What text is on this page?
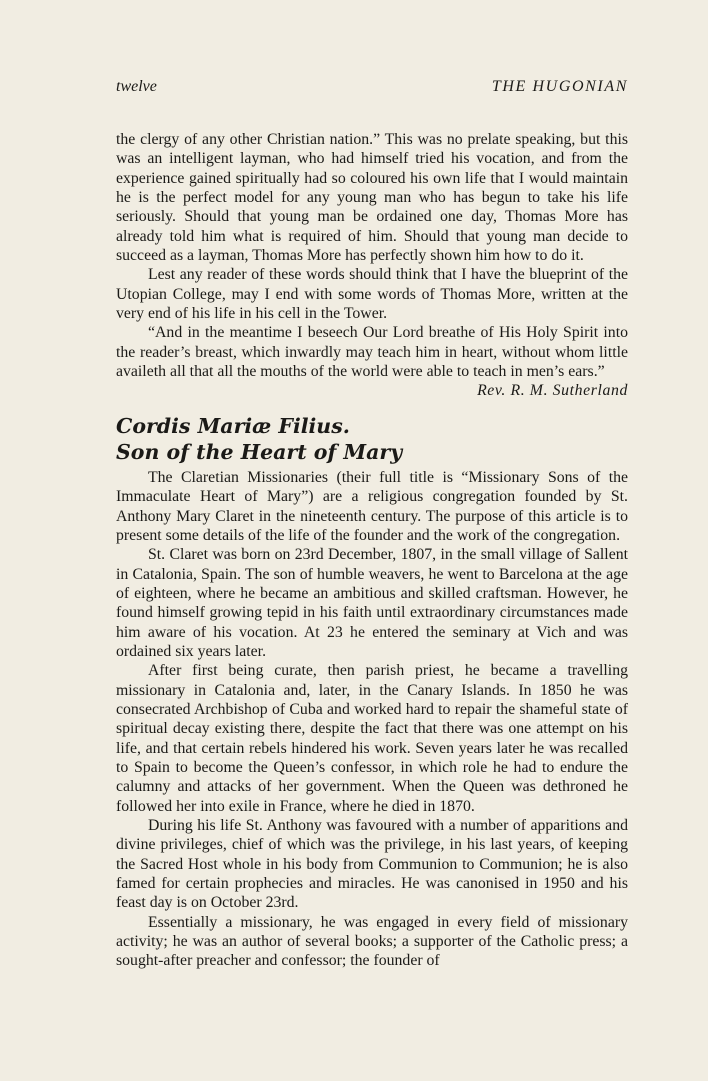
twelve	THE HUGONIAN

the clergy of any other Christian nation.” This was no prelate speaking, but this was an intelligent layman, who had himself tried his vocation, and from the experience gained spiritually had so coloured his own life that I would maintain he is the perfect model for any young man who has begun to take his life seriously. Should that young man be ordained one day, Thomas More has already told him what is required of him. Should that young man decide to succeed as a layman, Thomas More has perfectly shown him how to do it.

Lest any reader of these words should think that I have the blueprint of the Utopian College, may I end with some words of Thomas More, written at the very end of his life in his cell in the Tower.

“And in the meantime I beseech Our Lord breathe of His Holy Spirit into the reader’s breast, which inwardly may teach him in heart, without whom little availeth all that all the mouths of the world were able to teach in men’s ears.”

Rev. R. M. Sutherland
Cordis Mariæ Filius.
Son of the Heart of Mary

The Claretian Missionaries (their full title is “Missionary Sons of the Immaculate Heart of Mary”) are a religious congregation founded by St. Anthony Mary Claret in the nineteenth century. The purpose of this article is to present some details of the life of the founder and the work of the congregation.

St. Claret was born on 23rd December, 1807, in the small village of Sallent in Catalonia, Spain. The son of humble weavers, he went to Barcelona at the age of eighteen, where he became an ambitious and skilled craftsman. However, he found himself growing tepid in his faith until extraordinary circumstances made him aware of his vocation. At 23 he entered the seminary at Vich and was ordained six years later.

After first being curate, then parish priest, he became a travelling missionary in Catalonia and, later, in the Canary Islands. In 1850 he was consecrated Archbishop of Cuba and worked hard to repair the shameful state of spiritual decay existing there, despite the fact that there was one attempt on his life, and that certain rebels hindered his work. Seven years later he was recalled to Spain to become the Queen’s confessor, in which role he had to endure the calumny and attacks of her government. When the Queen was dethroned he followed her into exile in France, where he died in 1870.

During his life St. Anthony was favoured with a number of apparitions and divine privileges, chief of which was the privilege, in his last years, of keeping the Sacred Host whole in his body from Communion to Communion; he is also famed for certain prophecies and miracles. He was canonised in 1950 and his feast day is on October 23rd.

Essentially a missionary, he was engaged in every field of missionary activity; he was an author of several books; a supporter of the Catholic press; a sought-after preacher and confessor; the founder of
